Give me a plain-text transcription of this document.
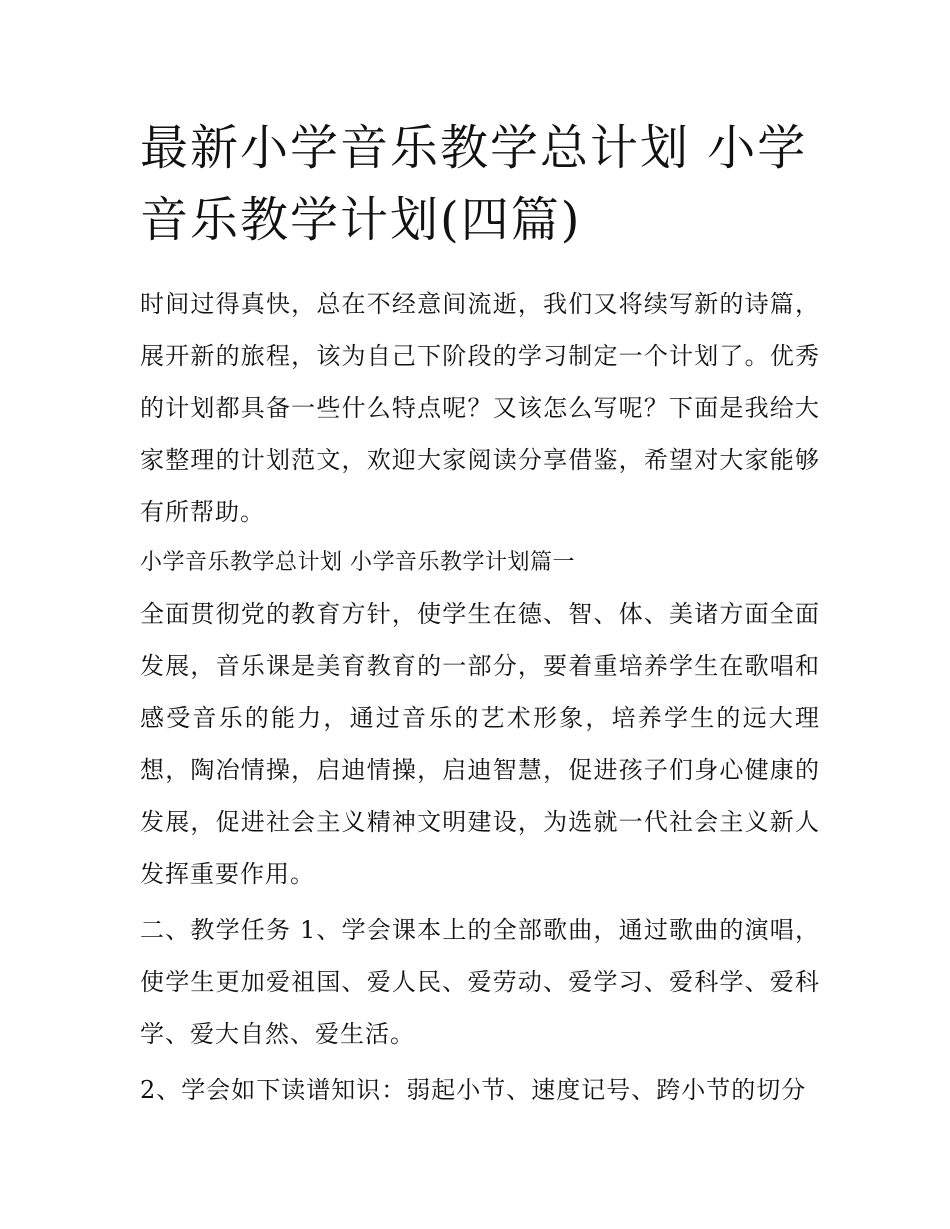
最新小学音乐教学总计划 小学
音乐教学计划(四篇)

时间过得真快，总在不经意间流逝，我们又将续写新的诗篇，展开新的旅程，该为自己下阶段的学习制定一个计划了。优秀的计划都具备一些什么特点呢？又该怎么写呢？下面是我给大家整理的计划范文，欢迎大家阅读分享借鉴，希望对大家能够有所帮助。

小学音乐教学总计划 小学音乐教学计划篇一

全面贯彻党的教育方针，使学生在德、智、体、美诸方面全面发展，音乐课是美育教育的一部分，要着重培养学生在歌唱和感受音乐的能力，通过音乐的艺术形象，培养学生的远大理想，陶冶情操，启迪情操，启迪智慧，促进孩子们身心健康的发展，促进社会主义精神文明建设，为选就一代社会主义新人发挥重要作用。

二、教学任务 1、学会课本上的全部歌曲，通过歌曲的演唱，使学生更加爱祖国、爱人民、爱劳动、爱学习、爱科学、爱科学、爱大自然、爱生活。

2、学会如下读谱知识：弱起小节、速度记号、跨小节的切分
